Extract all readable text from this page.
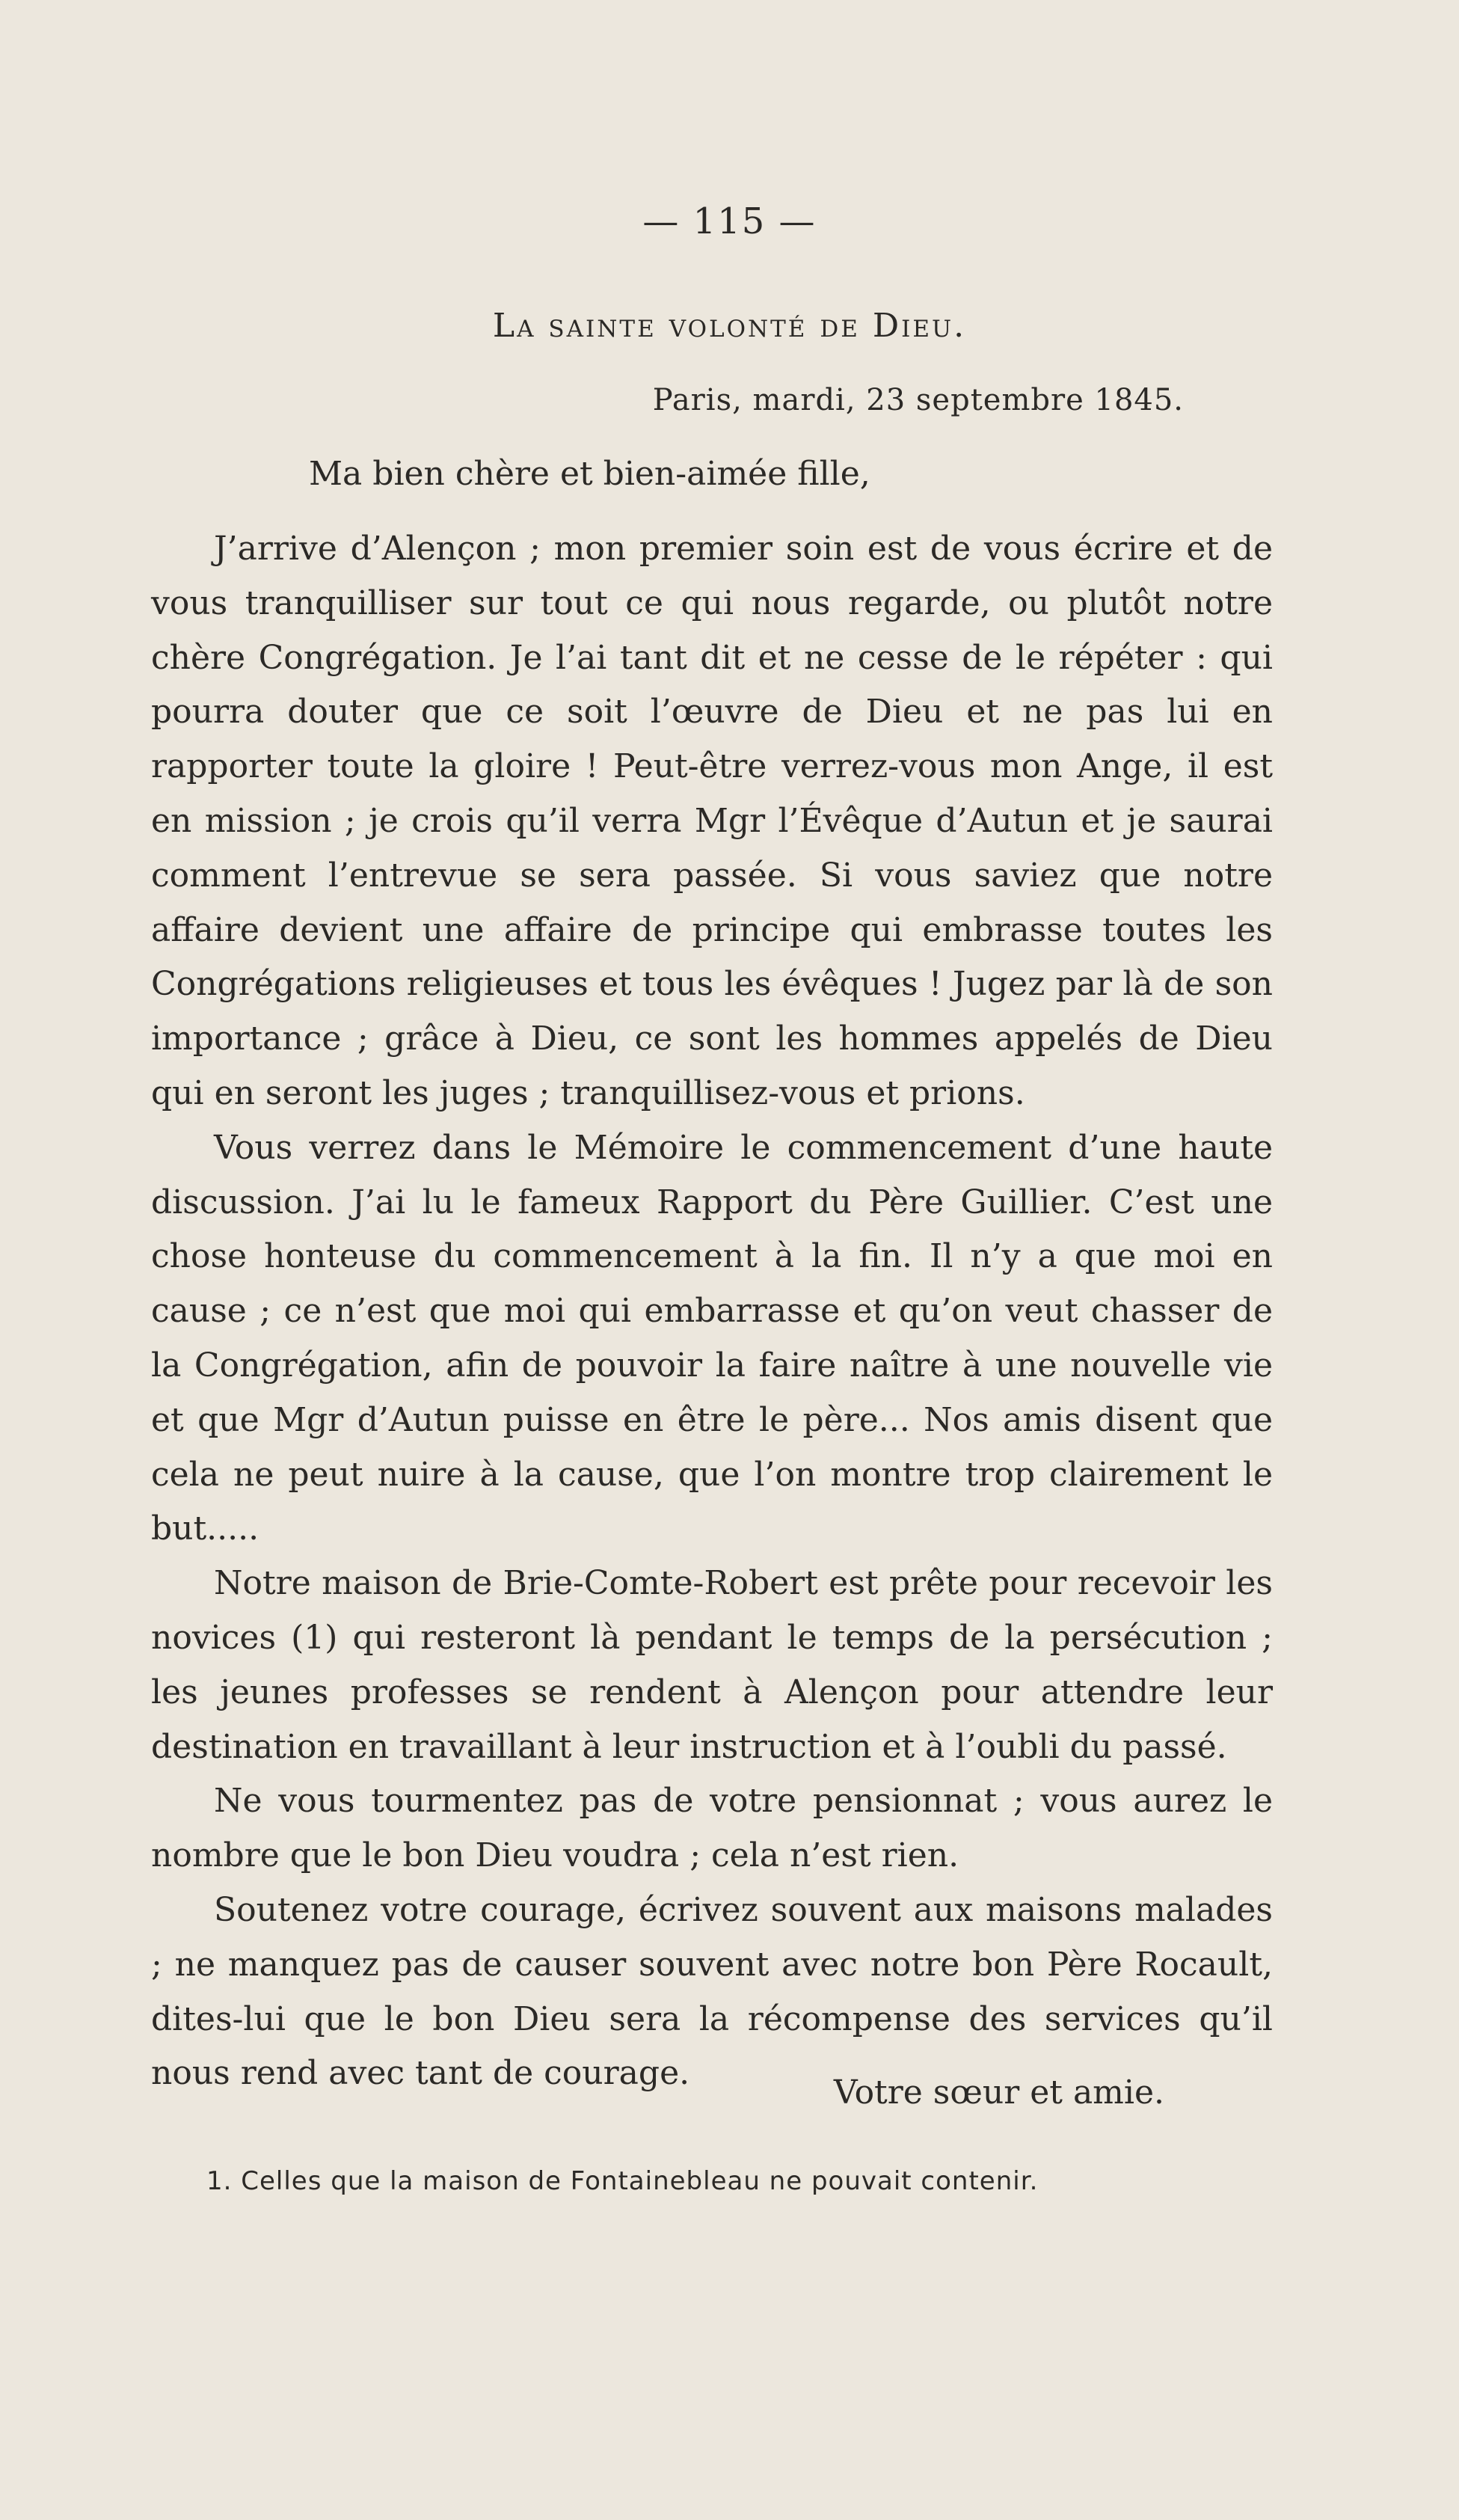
— 115 —
La sainte volonté de Dieu.
Paris, mardi, 23 septembre 1845.
Ma bien chère et bien-aimée fille,

J’arrive d’Alençon ; mon premier soin est de vous écrire et de vous tranquilliser sur tout ce qui nous regarde, ou plutôt notre chère Congrégation. Je l’ai tant dit et ne cesse de le répéter : qui pourra douter que ce soit l’œuvre de Dieu et ne pas lui en rapporter toute la gloire ! Peut-être verrez-vous mon Ange, il est en mission ; je crois qu’il verra Mgr l’Évêque d’Autun et je saurai comment l’entrevue se sera passée. Si vous saviez que notre affaire devient une affaire de principe qui embrasse toutes les Congrégations religieuses et tous les évêques ! Jugez par là de son importance ; grâce à Dieu, ce sont les hommes appelés de Dieu qui en seront les juges ; tranquillisez-vous et prions.

Vous verrez dans le Mémoire le commencement d’une haute discussion. J’ai lu le fameux Rapport du Père Guillier. C’est une chose honteuse du commencement à la fin. Il n’y a que moi en cause ; ce n’est que moi qui embarrasse et qu’on veut chasser de la Congrégation, afin de pouvoir la faire naître à une nouvelle vie et que Mgr d’Autun puisse en être le père... Nos amis disent que cela ne peut nuire à la cause, que l’on montre trop clairement le but.....

Notre maison de Brie-Comte-Robert est prête pour recevoir les novices (1) qui resteront là pendant le temps de la persécution ; les jeunes professes se rendent à Alençon pour attendre leur destination en travaillant à leur instruction et à l’oubli du passé.

Ne vous tourmentez pas de votre pensionnat ; vous aurez le nombre que le bon Dieu voudra ; cela n’est rien.

Soutenez votre courage, écrivez souvent aux maisons malades ; ne manquez pas de causer souvent avec notre bon Père Rocault, dites-lui que le bon Dieu sera la récompense des services qu’il nous rend avec tant de courage.

Votre sœur et amie.
1. Celles que la maison de Fontainebleau ne pouvait contenir.
